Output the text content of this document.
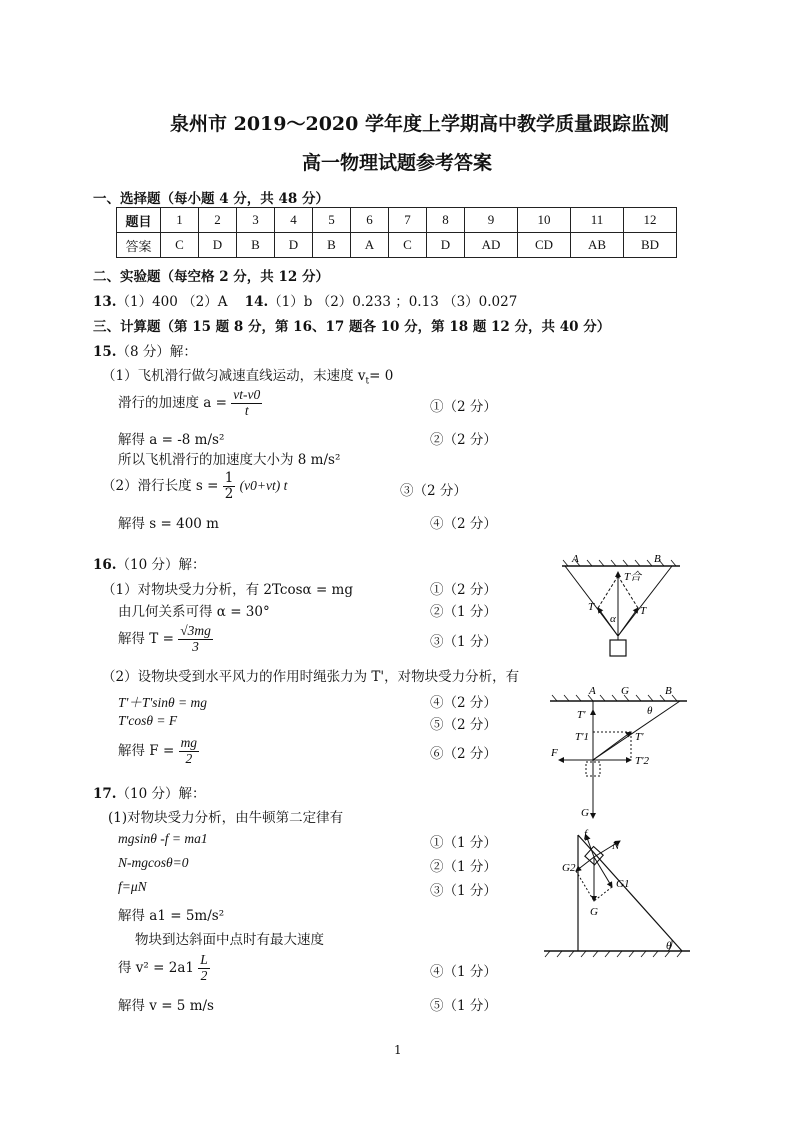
泉州市 2019～2020 学年度上学期高中教学质量跟踪监测
高一物理试题参考答案
一、选择题（每小题 4 分，共 48 分）
题目	1	2	3	4	5	6	7	8	9	10	11	12
答案	C	D	B	D	B	A	C	D	AD	CD	AB	BD
二、实验题（每空格 2 分，共 12 分）
13.（1）400 （2）A 14.（1）b （2）0.233 ；0.13 （3）0.027
三、计算题（第 15 题 8 分，第 16、17 题各 10 分，第 18 题 12 分，共 40 分）
15.（8 分）解：
（1）飞机滑行做匀减速直线运动，末速度 $v_t= 0$
滑行的加速度 $a = \frac{vt-v0}{t}$	①（2 分）
解得 a = -8 m/s²	②（2 分）
所以飞机滑行的加速度大小为 8 m/s²
（2）滑行长度 $s = \frac{1}{2} (v0+vt)$ t	③（2 分）
解得 s = 400 m	④（2 分）
16.（10 分）解：
（1）对物块受力分析，有 2Tcosα = mg	①（2 分）
由几何关系可得 α = 30°	②（1 分）
解得 $T = \frac{√3mg}{3}$	③（1 分）
（2）设物块受到水平风力的作用时绳张力为 T'，对物块受力分析，有
T'＋T'sinθ = mg	④（2 分）
T'cosθ = F	⑤（2 分）
解得 $F = \frac{mg}{2}$	⑥（2 分）
17.（10 分）解：
(1)对物块受力分析，由牛顿第二定律有
mgsinθ -f = ma1	①（1 分）
N-mgcosθ=0	②（1 分）
f=μN	③（1 分）
解得 a1 = 5m/s²
物块到达斜面中点时有最大速度
得 $v^2 = 2a1 \frac{L}{2}$	④（1 分）
解得 v = 5 m/s	⑤（1 分）
A	B
T	T
T合
α
A G	B
θ
T'
T'1	T'
F
T'2
G
f
N
G2
G1
G
θ
1
